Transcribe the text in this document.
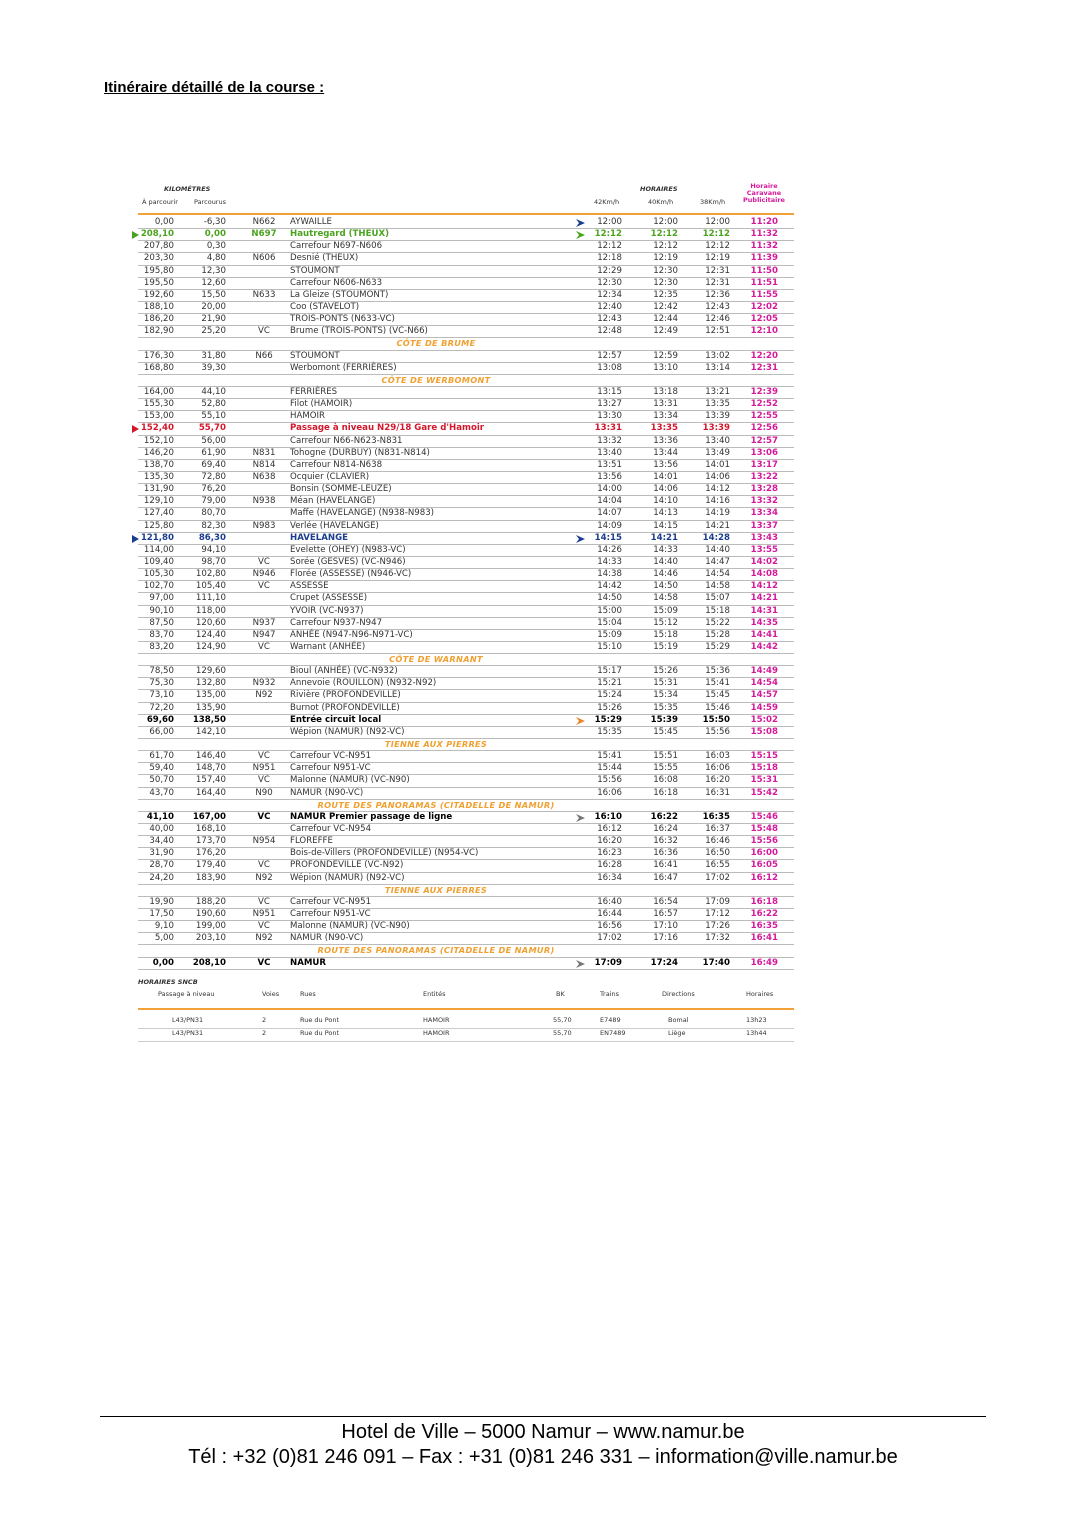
Itinéraire détaillé de la course :
KILOMÈTRES
À parcourir Parcourus
HORAIRES
42Km/h	40Km/h	38Km/h
Horaire
Caravane
Publicitaire
0,00	-6,30	N662	AYWAILLE	12:00	12:00	12:00	11:20
208,10	0,00	N697	Hautregard (THEUX)	12:12	12:12	12:12	11:32
207,80	0,30	Carrefour N697-N606	12:12	12:12	12:12	11:32
203,30	4,80	N606	Desnié (THEUX)	12:18	12:19	12:19	11:39
195,80	12,30	STOUMONT	12:29	12:30	12:31	11:50
195,50	12,60	Carrefour N606-N633	12:30	12:30	12:31	11:51
192,60	15,50	N633	La Gleize (STOUMONT)	12:34	12:35	12:36	11:55
188,10	20,00	Coo (STAVELOT)	12:40	12:42	12:43	12:02
186,20	21,90	TROIS-PONTS (N633-VC)	12:43	12:44	12:46	12:05
182,90	25,20	VC	Brume (TROIS-PONTS) (VC-N66)	12:48	12:49	12:51	12:10
CÔTE DE BRUME
176,30	31,80	N66	STOUMONT	12:57	12:59	13:02	12:20
168,80	39,30	Werbomont (FERRIÈRES)	13:08	13:10	13:14	12:31
CÔTE DE WERBOMONT
164,00	44,10	FERRIÈRES	13:15	13:18	13:21	12:39
155,30	52,80	Filot (HAMOIR)	13:27	13:31	13:35	12:52
153,00	55,10	HAMOIR	13:30	13:34	13:39	12:55
152,40	55,70	Passage à niveau N29/18 Gare d'Hamoir	13:31	13:35	13:39	12:56
152,10	56,00	Carrefour N66-N623-N831	13:32	13:36	13:40	12:57
146,20	61,90	N831	Tohogne (DURBUY) (N831-N814)	13:40	13:44	13:49	13:06
138,70	69,40	N814	Carrefour N814-N638	13:51	13:56	14:01	13:17
135,30	72,80	N638	Ocquier (CLAVIER)	13:56	14:01	14:06	13:22
131,90	76,20	Bonsin (SOMME-LEUZE)	14:00	14:06	14:12	13:28
129,10	79,00	N938	Méan (HAVELANGE)	14:04	14:10	14:16	13:32
127,40	80,70	Maffe (HAVELANGE) (N938-N983)	14:07	14:13	14:19	13:34
125,80	82,30	N983	Verlée (HAVELANGE)	14:09	14:15	14:21	13:37
121,80	86,30	HAVELANGE	14:15	14:21	14:28	13:43
114,00	94,10	Evelette (OHEY) (N983-VC)	14:26	14:33	14:40	13:55
109,40	98,70	VC	Sorée (GESVES) (VC-N946)	14:33	14:40	14:47	14:02
105,30	102,80	N946	Florée (ASSESSE) (N946-VC)	14:38	14:46	14:54	14:08
102,70	105,40	VC	ASSESSE	14:42	14:50	14:58	14:12
97,00	111,10	Crupet (ASSESSE)	14:50	14:58	15:07	14:21
90,10	118,00	YVOIR (VC-N937)	15:00	15:09	15:18	14:31
87,50	120,60	N937	Carrefour N937-N947	15:04	15:12	15:22	14:35
83,70	124,40	N947	ANHÉE (N947-N96-N971-VC)	15:09	15:18	15:28	14:41
83,20	124,90	VC	Warnant (ANHÉE)	15:10	15:19	15:29	14:42
CÔTE DE WARNANT
78,50	129,60	Bioul (ANHÉE) (VC-N932)	15:17	15:26	15:36	14:49
75,30	132,80	N932	Annevoie (ROUILLON) (N932-N92)	15:21	15:31	15:41	14:54
73,10	135,00	N92	Rivière (PROFONDEVILLE)	15:24	15:34	15:45	14:57
72,20	135,90	Burnot (PROFONDEVILLE)	15:26	15:35	15:46	14:59
69,60	138,50	Entrée circuit local	15:29	15:39	15:50	15:02
66,00	142,10	Wépion (NAMUR) (N92-VC)	15:35	15:45	15:56	15:08
TIENNE AUX PIERRES
61,70	146,40	VC	Carrefour VC-N951	15:41	15:51	16:03	15:15
59,40	148,70	N951	Carrefour N951-VC	15:44	15:55	16:06	15:18
50,70	157,40	VC	Malonne (NAMUR) (VC-N90)	15:56	16:08	16:20	15:31
43,70	164,40	N90	NAMUR (N90-VC)	16:06	16:18	16:31	15:42
ROUTE DES PANORAMAS (CITADELLE DE NAMUR)
41,10	167,00	VC	NAMUR Premier passage de ligne	16:10	16:22	16:35	15:46
40,00	168,10	Carrefour VC-N954	16:12	16:24	16:37	15:48
34,40	173,70	N954	FLOREFFE	16:20	16:32	16:46	15:56
31,90	176,20	Bois-de-Villers (PROFONDEVILLE) (N954-VC)	16:23	16:36	16:50	16:00
28,70	179,40	VC	PROFONDEVILLE (VC-N92)	16:28	16:41	16:55	16:05
24,20	183,90	N92	Wépion (NAMUR) (N92-VC)	16:34	16:47	17:02	16:12
TIENNE AUX PIERRES
19,90	188,20	VC	Carrefour VC-N951	16:40	16:54	17:09	16:18
17,50	190,60	N951	Carrefour N951-VC	16:44	16:57	17:12	16:22
9,10	199,00	VC	Malonne (NAMUR) (VC-N90)	16:56	17:10	17:26	16:35
5,00	203,10	N92	NAMUR (N90-VC)	17:02	17:16	17:32	16:41
ROUTE DES PANORAMAS (CITADELLE DE NAMUR)
0,00	208,10	VC	NAMUR	17:09	17:24	17:40	16:49
HORAIRES SNCB
Passage à niveau	Voies	Rues	Entités	BK	Trains	Directions	Horaires
L43/PN31	2	Rue du Pont	HAMOIR	55,70	E7489	Bomal	13h23
L43/PN31	2	Rue du Pont	HAMOIR	55,70	EN7489	Liège	13h44
Hotel de Ville – 5000 Namur – www.namur.be
Tél : +32 (0)81 246 091 – Fax : +31 (0)81 246 331 – information@ville.namur.be
